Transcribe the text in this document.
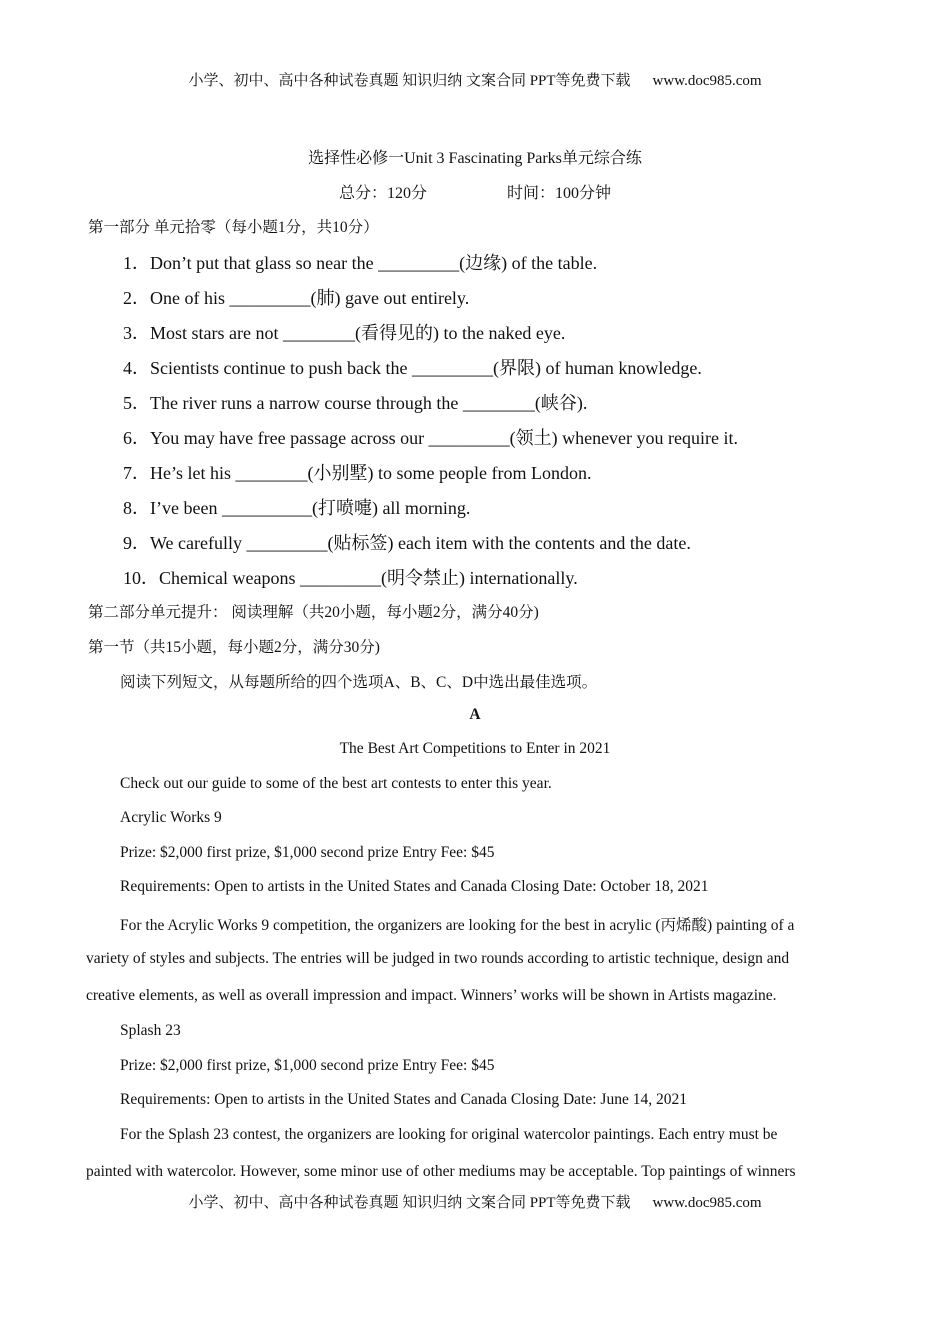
小学、初中、高中各种试卷真题 知识归纳 文案合同 PPT等免费下载 www.doc985.com
选择性必修一Unit 3 Fascinating Parks单元综合练
总分：120分	时间：100分钟
第一部分 单元拾零（每小题1分，共10分）
1．Don’t put that glass so near the _________(边缘) of the table.
2．One of his _________(肺) gave out entirely.
3．Most stars are not ________(看得见的) to the naked eye.
4．Scientists continue to push back the _________(界限) of human knowledge.
5．The river runs a narrow course through the ________(峡谷).
6．You may have free passage across our _________(领土) whenever you require it.
7．He’s let his ________(小别墅) to some people from London.
8．I’ve been __________(打喷嚏) all morning.
9．We carefully _________(贴标签) each item with the contents and the date.
10．Chemical weapons _________(明令禁止) internationally.
第二部分单元提升： 阅读理解（共20小题，每小题2分，满分40分)
第一节（共15小题，每小题2分，满分30分)
阅读下列短文，从每题所给的四个选项A、B、C、D中选出最佳选项。
A
The Best Art Competitions to Enter in 2021
Check out our guide to some of the best art contests to enter this year.
Acrylic Works 9
Prize: $2,000 first prize, $1,000 second prize Entry Fee: $45
Requirements: Open to artists in the United States and Canada Closing Date: October 18, 2021
For the Acrylic Works 9 competition, the organizers are looking for the best in acrylic (丙烯酸) painting of a
variety of styles and subjects. The entries will be judged in two rounds according to artistic technique, design and
creative elements, as well as overall impression and impact. Winners’ works will be shown in Artists magazine.
Splash 23
Prize: $2,000 first prize, $1,000 second prize Entry Fee: $45
Requirements: Open to artists in the United States and Canada Closing Date: June 14, 2021
For the Splash 23 contest, the organizers are looking for original watercolor paintings. Each entry must be
painted with watercolor. However, some minor use of other mediums may be acceptable. Top paintings of winners
小学、初中、高中各种试卷真题 知识归纳 文案合同 PPT等免费下载 www.doc985.com
